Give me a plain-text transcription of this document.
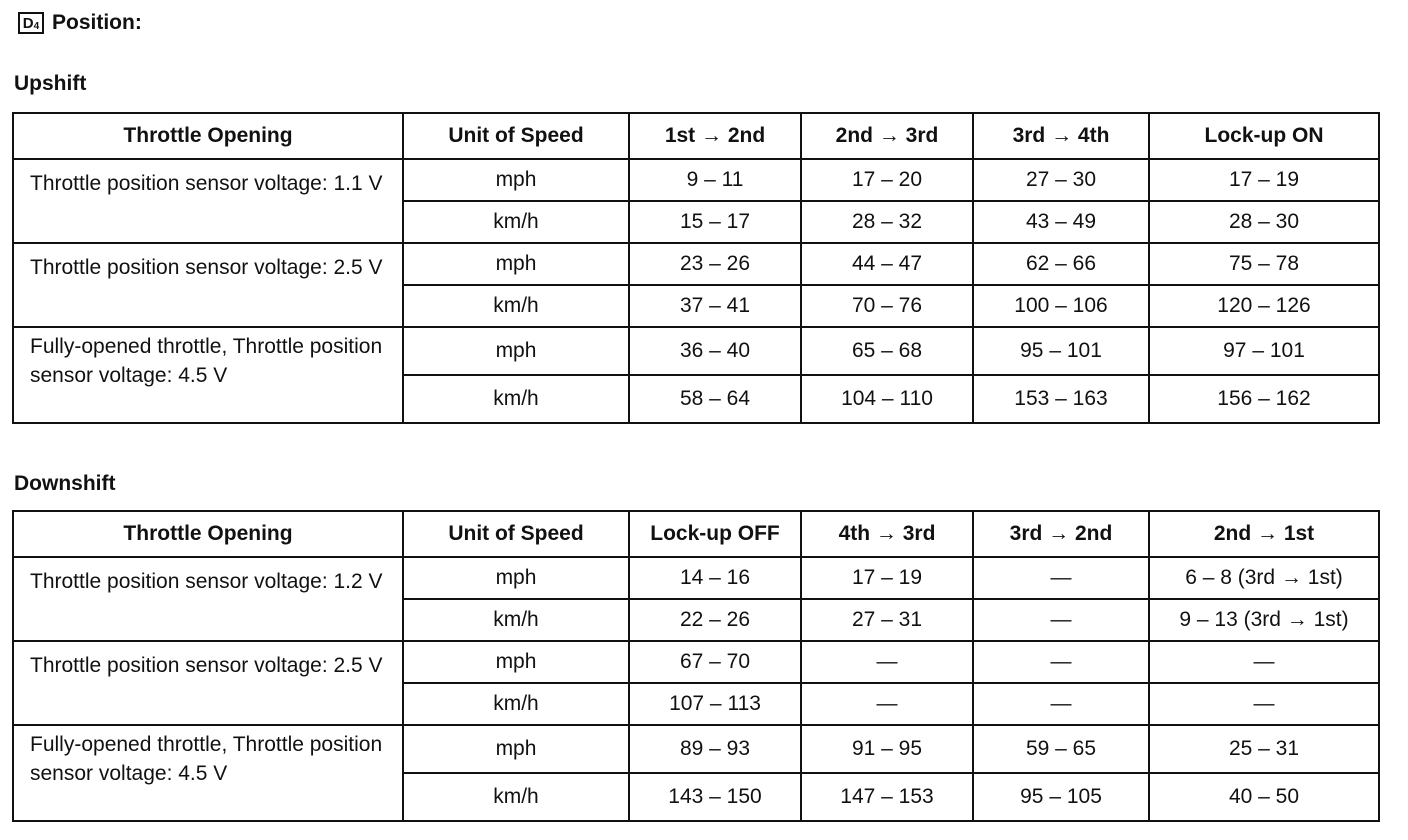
$D_4$ Position:
Upshift
Throttle Opening	Unit of Speed	1st → 2nd	2nd → 3rd	3rd → 4th	Lock-up ON
Throttle position sensor voltage: 1.1 V	mph	9 – 11	17 – 20	27 – 30	17 – 19
	km/h	15 – 17	28 – 32	43 – 49	28 – 30
Throttle position sensor voltage: 2.5 V	mph	23 – 26	44 – 47	62 – 66	75 – 78
	km/h	37 – 41	70 – 76	100 – 106	120 – 126
Fully-opened throttle, Throttle position sensor voltage: 4.5 V	mph	36 – 40	65 – 68	95 – 101	97 – 101
	km/h	58 – 64	104 – 110	153 – 163	156 – 162
Downshift
Throttle Opening	Unit of Speed	Lock-up OFF	4th → 3rd	3rd → 2nd	2nd → 1st
Throttle position sensor voltage: 1.2 V	mph	14 – 16	17 – 19	—	6 – 8 (3rd → 1st)
	km/h	22 – 26	27 – 31	—	9 – 13 (3rd → 1st)
Throttle position sensor voltage: 2.5 V	mph	67 – 70	—	—	—
	km/h	107 – 113	—	—	—
Fully-opened throttle, Throttle position sensor voltage: 4.5 V	mph	89 – 93	91 – 95	59 – 65	25 – 31
	km/h	143 – 150	147 – 153	95 – 105	40 – 50
